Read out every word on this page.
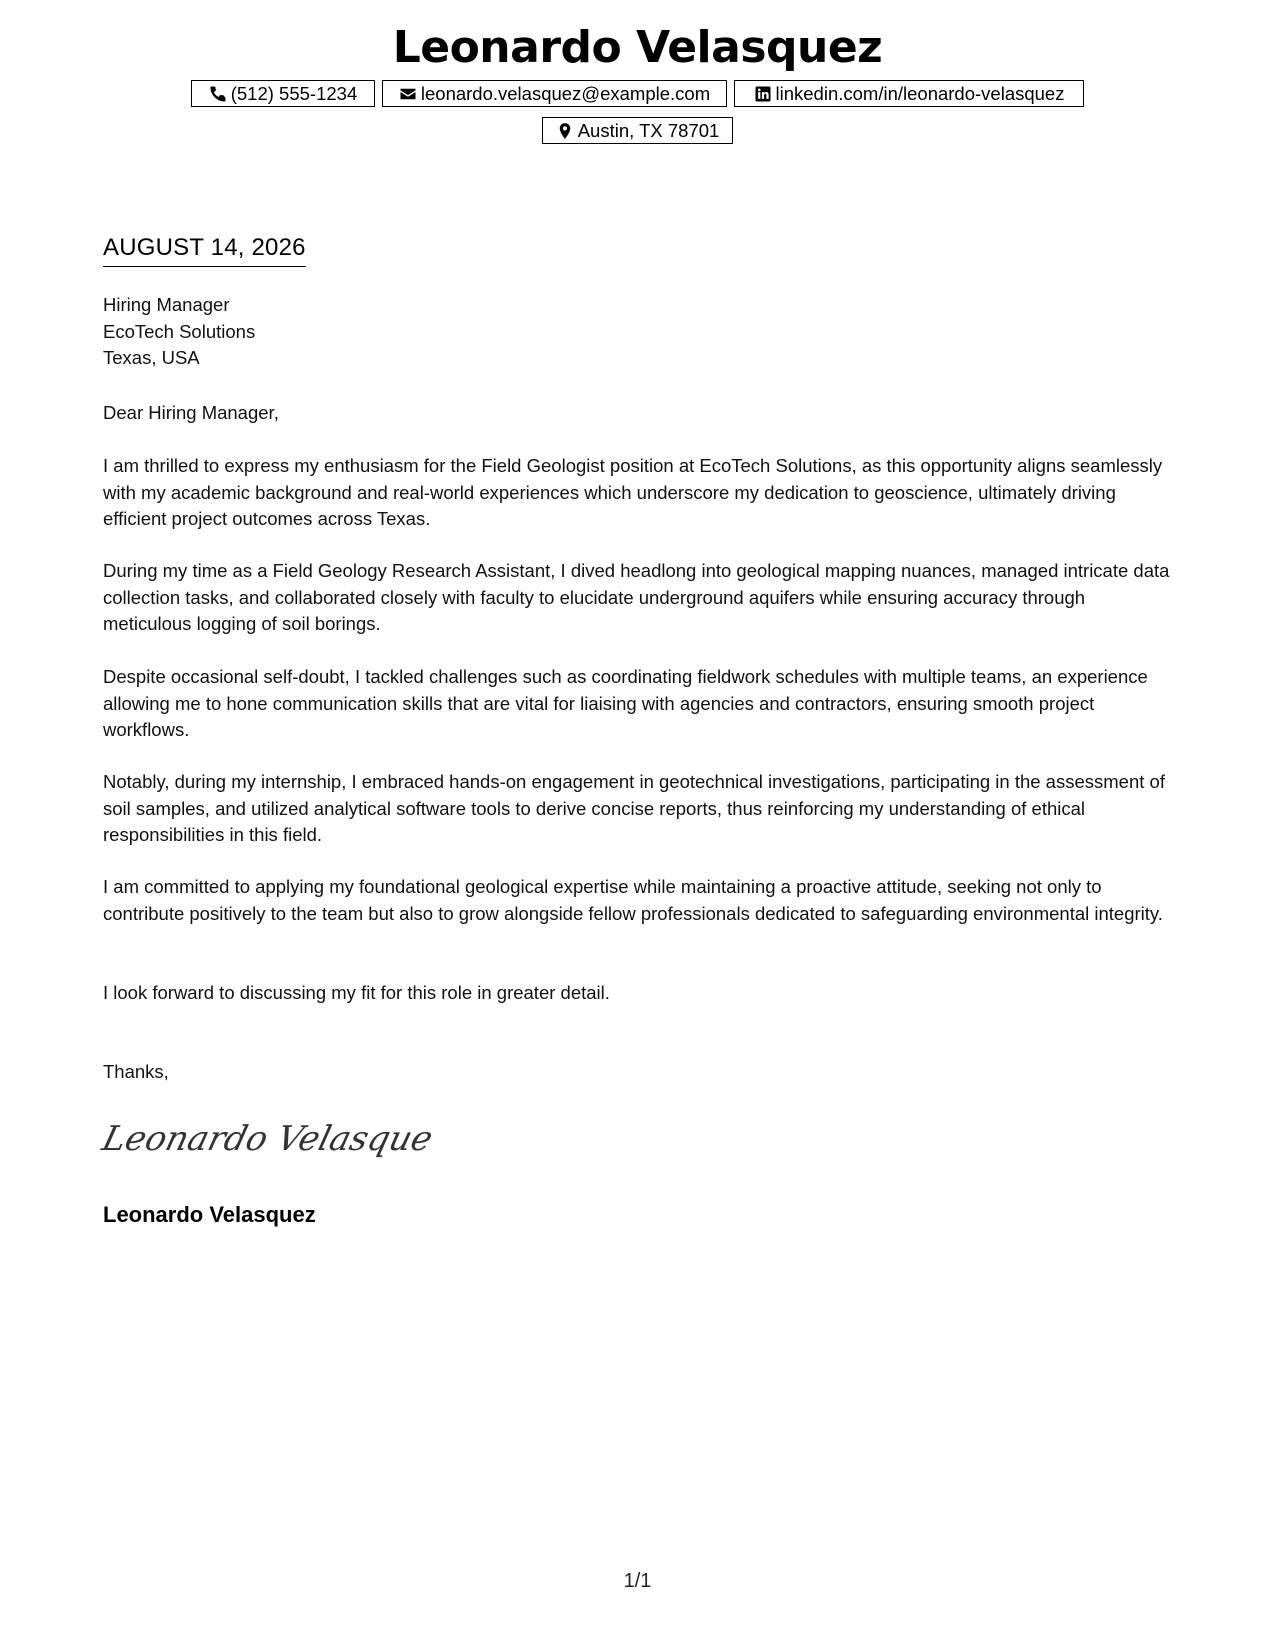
Leonardo Velasquez
(512) 555-1234	leonardo.velasquez@example.com	linkedin.com/in/leonardo-velasquez
Austin, TX 78701
AUGUST 14, 2026
Hiring Manager
EcoTech Solutions
Texas, USA
Dear Hiring Manager,
I am thrilled to express my enthusiasm for the Field Geologist position at EcoTech Solutions, as this opportunity aligns seamlessly with my academic background and real-world experiences which underscore my dedication to geoscience, ultimately driving efficient project outcomes across Texas.
During my time as a Field Geology Research Assistant, I dived headlong into geological mapping nuances, managed intricate data collection tasks, and collaborated closely with faculty to elucidate underground aquifers while ensuring accuracy through meticulous logging of soil borings.
Despite occasional self-doubt, I tackled challenges such as coordinating fieldwork schedules with multiple teams, an experience allowing me to hone communication skills that are vital for liaising with agencies and contractors, ensuring smooth project workflows.
Notably, during my internship, I embraced hands-on engagement in geotechnical investigations, participating in the assessment of soil samples, and utilized analytical software tools to derive concise reports, thus reinforcing my understanding of ethical responsibilities in this field.
I am committed to applying my foundational geological expertise while maintaining a proactive attitude, seeking not only to contribute positively to the team but also to grow alongside fellow professionals dedicated to safeguarding environmental integrity.
I look forward to discussing my fit for this role in greater detail.
Thanks,
Leonardo Velasque
Leonardo Velasquez
1/1
